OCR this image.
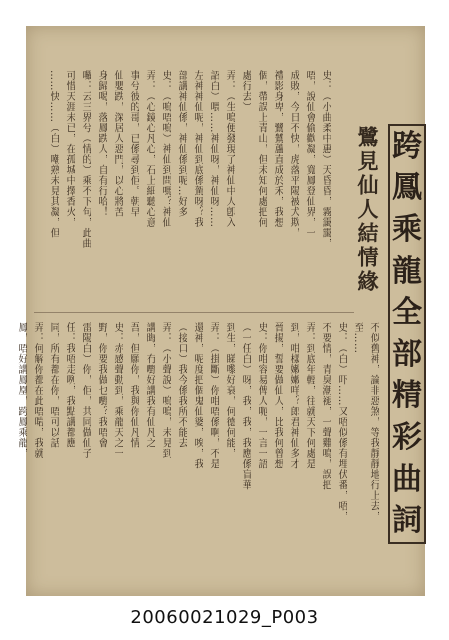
跨
鳳
乘
龍
全
部
精
彩
曲
詞
鷺見仙人結情緣
史：（小曲柔中惠）天昏昏，霧靄靄，
唔，說仙會偷歡凝，寬鳳登仙界，一
成敗，今日不快，虎落平陽被犬欺，
禮影身卑，鷺鷥蘆直成於禾，我想
個，帶誤上青山，但未知何處把何
處行去）
弄：（生嗚便發現了神仙中人卽入
詔白）喂……神仙呀，神仙呀……
左神神仙呢，神仙到底係駕呀？我
部講神仙係，神仙係到呢…好多
史：（嗚唔嗚）神仙到問嗎？神仙
弄：（心鏡心凡心，石上細聽心意
事兮彼的哥，已係尋到佢。朝早
仙嬰跌，深居人惡門，以心將苦
身歸喝，落鳳跌人，自有行哈！
囉：云三界兮（情的）乘不下句，此曲
可惜天涯未已，在孤城中擇香火，
……快……（白）嘲熟未見其凝，但
不似舊神，論非惡煞，等我靜靜地行上去，
至……
史：（白）吓……又唔似係有埋伏番，唔，
不要情，青臭潮褪，一聲雞鳴，誤把
弄：到底年輕，往就天下何處是
到，咁樣嫩嫩咩？郎君神仙多才
晉揚，誓要做仙人，比我何曾想
史：你咁容易俾人呃，一言一語
（一任白）呀，我，我，我應係盲華
到生，睇嚟好衰，何德何能，
弄：（掛斷）你咁唔係啊，不是
還神，呢度把個鬼仙婆，唉，我
（接口）我今係我所不能去
弄：（小聲說）嗚嗚，未見到
講晦，冇嘢好講我有仙凡之
吾，但願你，我與你仙凡情
史：赤感聲動到，乘龍天之一
野，你要我做乜嘢？我唔會
雷陽白）你，佢，共同做仙子
任：我唔走咧，我點講都應
同，所有都在你，唔可以話
弄：何解你都在此唔啱，我就
鳳，唔好講鳳凰，跨鳳乘龍，
20060021029_P003
